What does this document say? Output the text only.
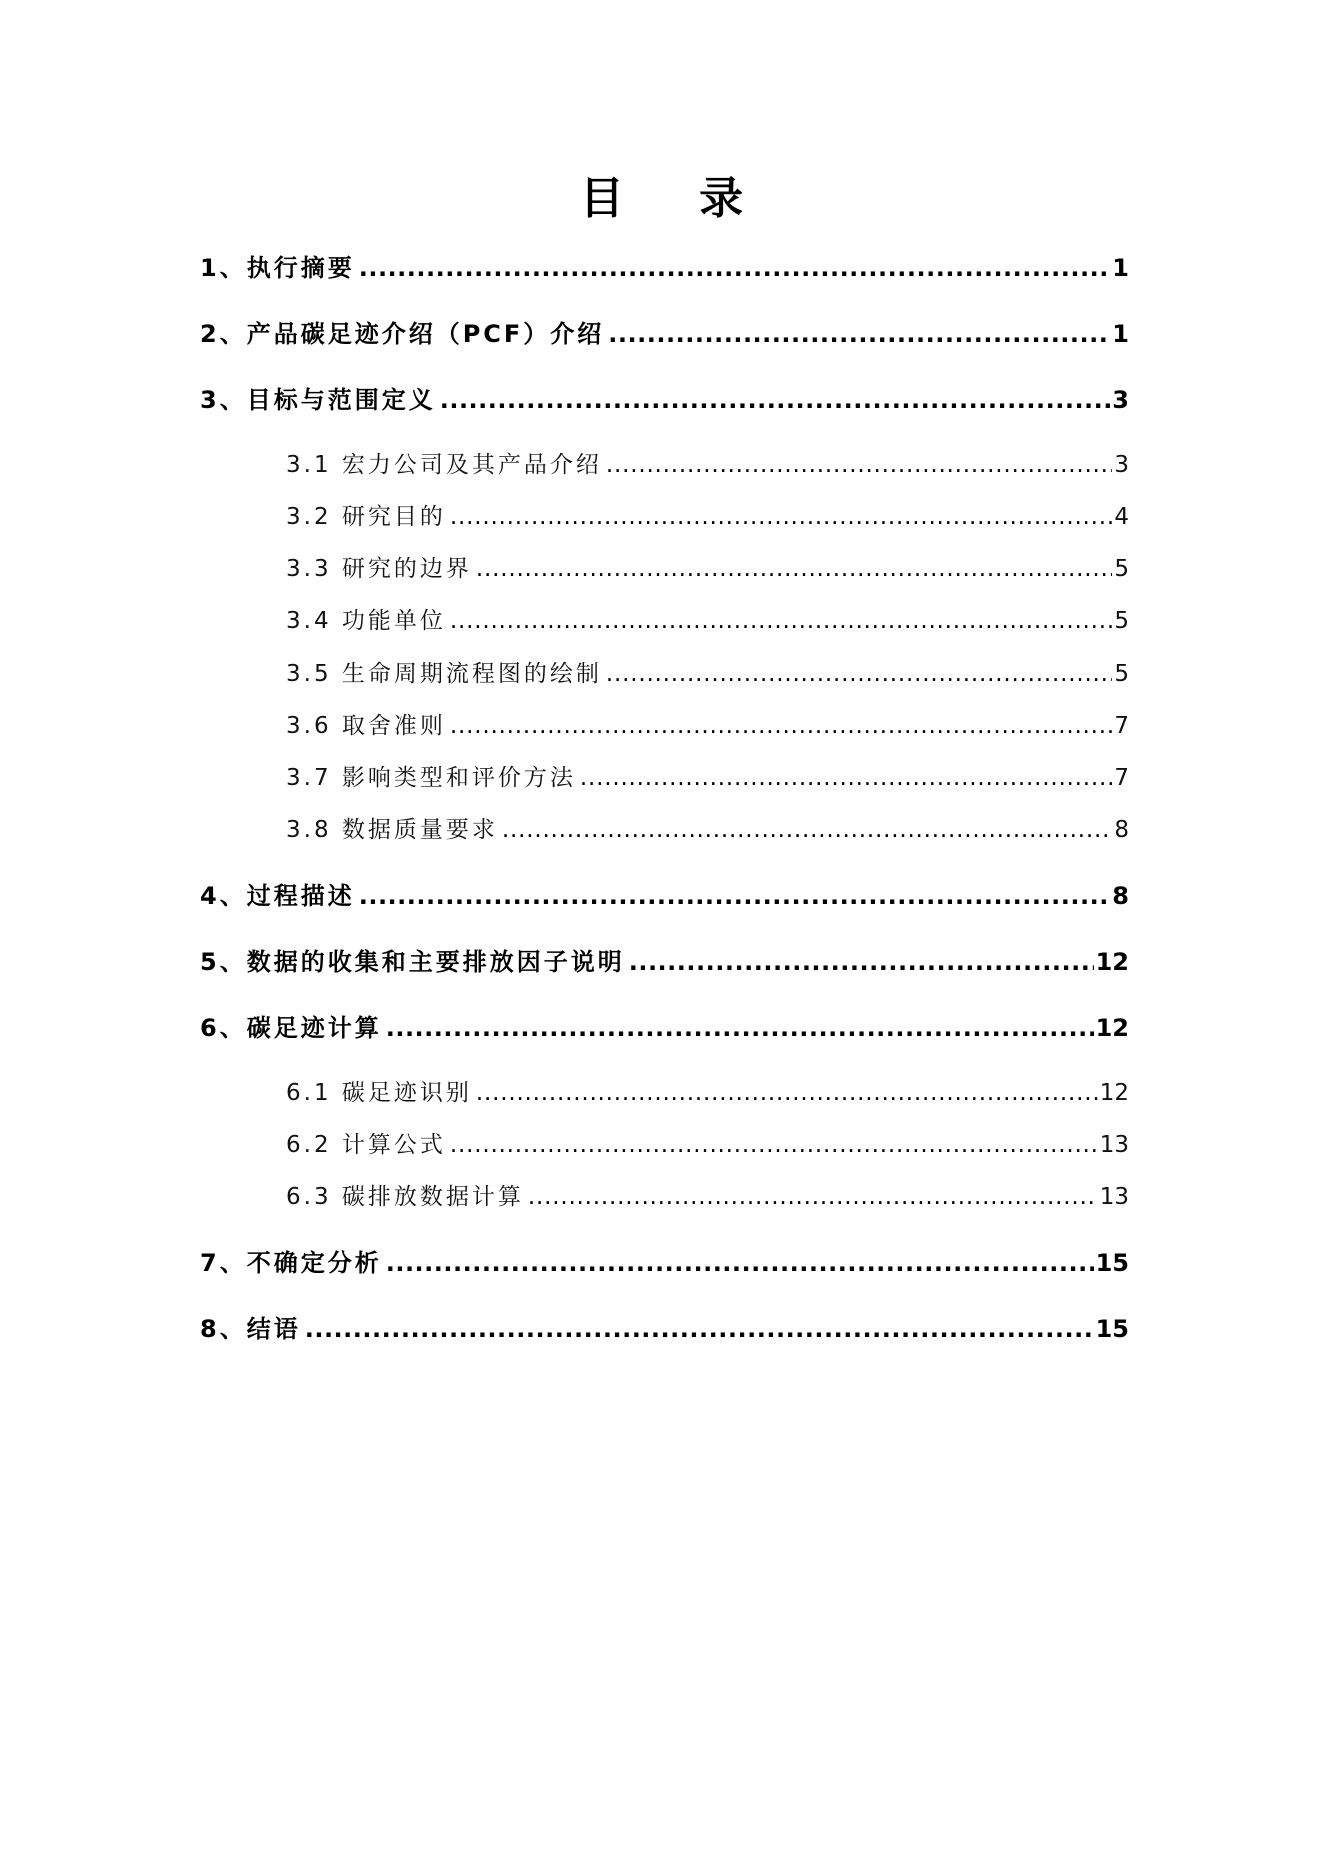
目 录
1、执行摘要 .....	1
2、产品碳足迹介绍（PCF）介绍 .....	1
3、目标与范围定义 .....	3
3.1 宏力公司及其产品介绍 .....	3
3.2 研究目的 .....	4
3.3 研究的边界 .....	5
3.4 功能单位 .....	5
3.5 生命周期流程图的绘制 .....	5
3.6 取舍准则 .....	7
3.7 影响类型和评价方法 .....	7
3.8 数据质量要求 .....	8
4、过程描述 .....	8
5、数据的收集和主要排放因子说明 .....	12
6、碳足迹计算 .....	12
6.1 碳足迹识别 .....	12
6.2 计算公式 .....	13
6.3 碳排放数据计算 .....	13
7、不确定分析 .....	15
8、结语 .....	15
